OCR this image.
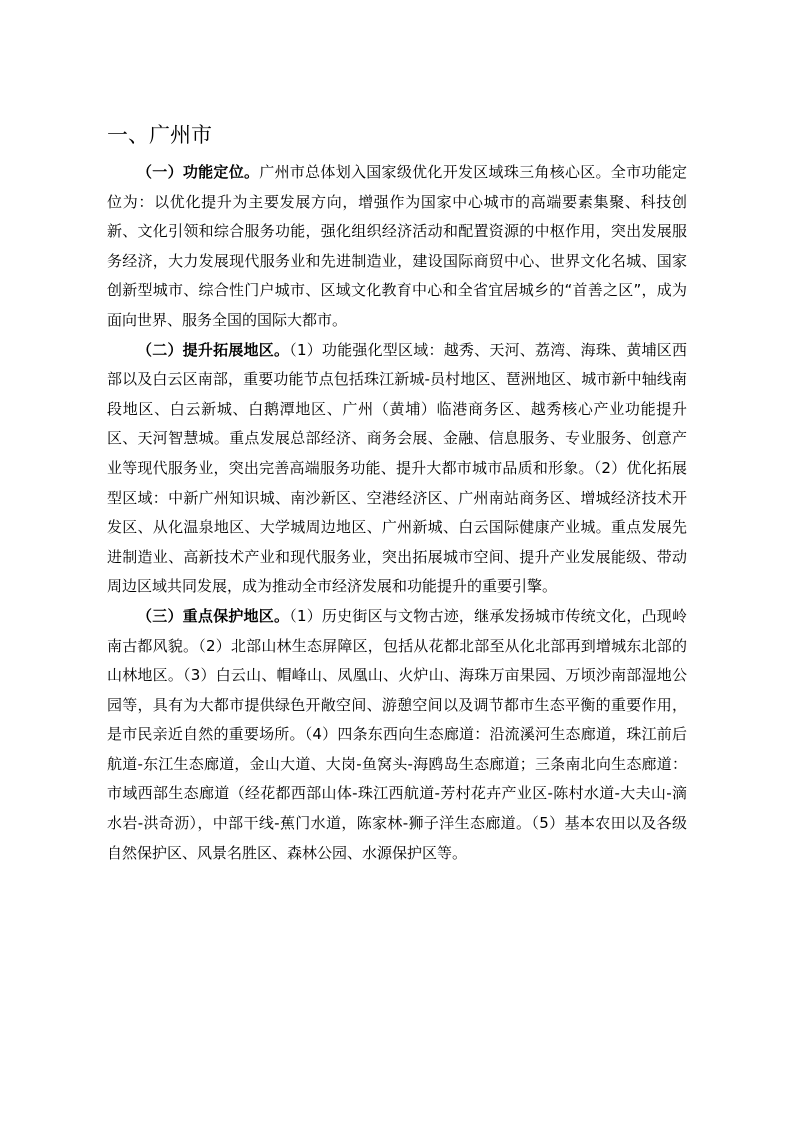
一、广州市

（一）功能定位。广州市总体划入国家级优化开发区域珠三角核心区。全市功能定位为：以优化提升为主要发展方向，增强作为国家中心城市的高端要素集聚、科技创新、文化引领和综合服务功能，强化组织经济活动和配置资源的中枢作用，突出发展服务经济，大力发展现代服务业和先进制造业，建设国际商贸中心、世界文化名城、国家创新型城市、综合性门户城市、区域文化教育中心和全省宜居城乡的“首善之区”，成为面向世界、服务全国的国际大都市。

（二）提升拓展地区。（1）功能强化型区域：越秀、天河、荔湾、海珠、黄埔区西部以及白云区南部，重要功能节点包括珠江新城-员村地区、琶洲地区、城市新中轴线南段地区、白云新城、白鹅潭地区、广州（黄埔）临港商务区、越秀核心产业功能提升区、天河智慧城。重点发展总部经济、商务会展、金融、信息服务、专业服务、创意产业等现代服务业，突出完善高端服务功能、提升大都市城市品质和形象。（2）优化拓展型区域：中新广州知识城、南沙新区、空港经济区、广州南站商务区、增城经济技术开发区、从化温泉地区、大学城周边地区、广州新城、白云国际健康产业城。重点发展先进制造业、高新技术产业和现代服务业，突出拓展城市空间、提升产业发展能级、带动周边区域共同发展，成为推动全市经济发展和功能提升的重要引擎。

（三）重点保护地区。（1）历史街区与文物古迹，继承发扬城市传统文化，凸现岭南古都风貌。（2）北部山林生态屏障区，包括从花都北部至从化北部再到增城东北部的山林地区。（3）白云山、帽峰山、凤凰山、火炉山、海珠万亩果园、万顷沙南部湿地公园等，具有为大都市提供绿色开敞空间、游憩空间以及调节都市生态平衡的重要作用，是市民亲近自然的重要场所。（4）四条东西向生态廊道：沿流溪河生态廊道，珠江前后航道-东江生态廊道，金山大道、大岗-鱼窝头-海鸥岛生态廊道；三条南北向生态廊道：市域西部生态廊道（经花都西部山体-珠江西航道-芳村花卉产业区-陈村水道-大夫山-滴水岩-洪奇沥），中部干线-蕉门水道，陈家林-狮子洋生态廊道。（5）基本农田以及各级自然保护区、风景名胜区、森林公园、水源保护区等。
